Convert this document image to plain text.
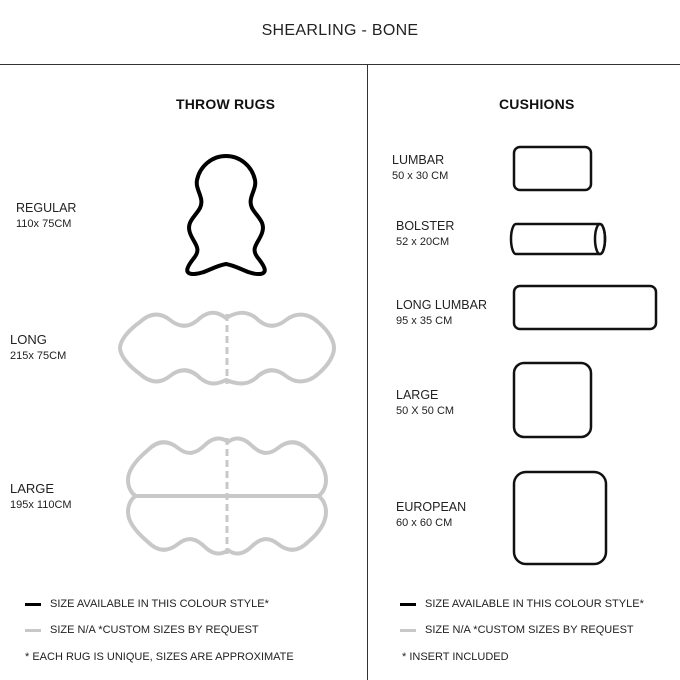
SHEARLING - BONE
THROW RUGS	CUSHIONS
REGULAR
110x 75CM
LONG
215x 75CM
LARGE
195x 110CM
LUMBAR
50 x 30 CM
BOLSTER
52 x 20CM
LONG LUMBAR
95 x 35 CM
LARGE
50 X 50 CM
EUROPEAN
60 x 60 CM
SIZE AVAILABLE IN THIS COLOUR STYLE*
SIZE N/A *CUSTOM SIZES BY REQUEST
* EACH RUG IS UNIQUE, SIZES ARE APPROXIMATE
SIZE AVAILABLE IN THIS COLOUR STYLE*
SIZE N/A *CUSTOM SIZES BY REQUEST
* INSERT INCLUDED
